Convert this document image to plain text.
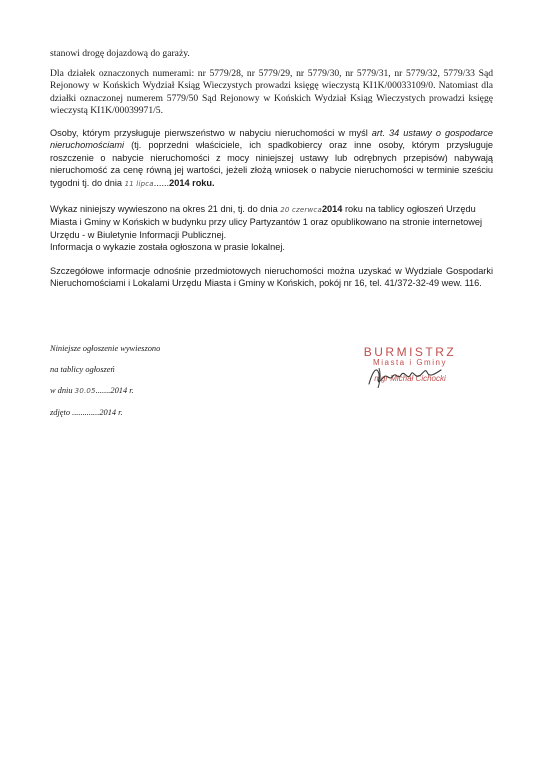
stanowi drogę dojazdową do garaży.
Dla działek oznaczonych numerami: nr 5779/28, nr 5779/29, nr 5779/30, nr 5779/31, nr 5779/32, 5779/33 Sąd Rejonowy w Końskich Wydział Ksiąg Wieczystych prowadzi księgę wieczystą KI1K/00033109/0. Natomiast dla działki oznaczonej numerem 5779/50 Sąd Rejonowy w Końskich Wydział Ksiąg Wieczystych prowadzi księgę wieczystą KI1K/00039971/5.
Osoby, którym przysługuje pierwszeństwo w nabyciu nieruchomości w myśl art. 34 ustawy o gospodarce nieruchomościami (tj. poprzedni właściciele, ich spadkobiercy oraz inne osoby, którym przysługuje roszczenie o nabycie nieruchomości z mocy niniejszej ustawy lub odrębnych przepisów) nabywają nieruchomość za cenę równą jej wartości, jeżeli złożą wniosek o nabycie nieruchomości w terminie sześciu tygodni tj. do dnia 11 lipca......2014 roku.
Wykaz niniejszy wywieszono na okres 21 dni, tj. do dnia 20 czerwca2014 roku na tablicy ogłoszeń Urzędu Miasta i Gminy w Końskich w budynku przy ulicy Partyzantów 1 oraz opublikowano na stronie internetowej Urzędu - w Biuletynie Informacji Publicznej.
Informacja o wykazie została ogłoszona w prasie lokalnej.
Szczegółowe informacje odnośnie przedmiotowych nieruchomości można uzyskać w Wydziale Gospodarki Nieruchomościami i Lokalami Urzędu Miasta i Gminy w Końskich, pokój nr 16, tel. 41/372-32-49 wew. 116.
Niniejsze ogłoszenie wywieszono
na tablicy ogłoszeń
w dniu 30.05.......2014 r.
zdjęto .............2014 r.
BURMISTRZ
Miasta i Gminy
mgr Michał Cichocki
